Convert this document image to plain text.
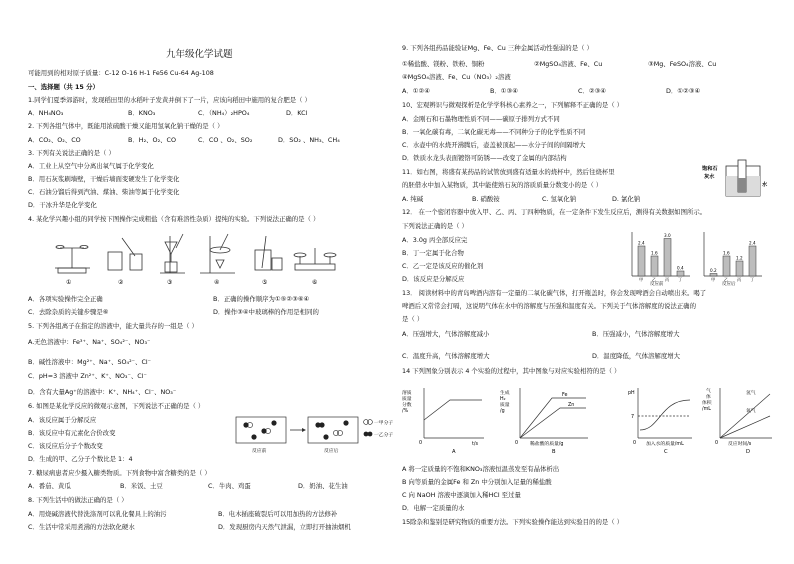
九年级化学试题
可能用到的相对原子质量：C-12 O-16 H-1 Fe56 Cu-64 Ag-108
一、选择题（共 15 分）
1.同学们夏季郊游时，发现稻田里的水稻叶子发黄并倒下了一片，应该向稻田中施用的复合肥是（ ）
A．NH₄NO₃	B．KNO₃	C．（NH₄）₂HPO₄	D．KCl
2. 下列各组气体中，既能用浓硫酸干燥又能用氢氧化钠干燥的是（ ）
A．CO₂、O₂、CO	B．H₂、O₂、CO	C．CO 、O₂、SO₂	D．SO₂ 、NH₃、CH₄
3. 下列有关说法正确的是（ ）
A．工业上从空气中分离出氧气属于化学变化
B．用石灰浆刷墙壁，干燥后墙面变硬发生了化学变化
C．石油分馏后得到汽油、煤油、柴油等属于化学变化
D．干冰升华是化学变化
4. 某化学兴趣小组的同学按下图操作完成粗盐（含有难溶性杂质）提纯的实验。下列说法正确的是（ ）
①	②	③	④	⑤	⑥
A．各项实验操作完全正确	B．正确的操作顺序为①⑤②③⑥④
C．去除杂质的关键步骤是⑥	D．操作③④中玻璃棒的作用是相同的
5. 下列各组离子在指定的溶液中，能大量共存的一组是（ ）
A.无色溶液中：Fe³⁺、Na⁺、SO₄²⁻、NO₃⁻
B．碱性溶液中：Mg²⁺、Na⁺、SO₄²⁻、Cl⁻
C．pH=3 溶液中 Zn²⁺、K⁺、NO₃⁻、Cl⁻
D．含有大量Ag⁺的溶液中：K⁺、NH₄⁺、Cl⁻、NO₃⁻
6. 如图是某化学反应的微观示意图，下列说法不正确的是（ ）
A．该反应属于分解反应
B．该反应中有元素化合价改变
C．该反应后分子个数改变
D．生成的甲、乙分子个数比是 1：4
一甲分子
一乙分子
反应前	反应后
7. 糖尿病患者应少摄入糖类物质。下列食物中富含糖类的是（ ）
A．番茄、黄瓜	B．米饭、土豆	C．牛肉、鸡蛋	D．奶油、花生油
8. 下列生活中的做法正确的是（ ）
A．用烧碱溶液代替洗涤剂可以乳化餐具上的油污	B．电木插座破裂后可以用加热的方法修补
C．生活中常采用煮沸的方法软化硬水	D．发现厨房内天然气泄漏，立即打开抽油烟机
9. 下列各组药品能验证Mg、Fe、Cu 三种金属活动性强弱的是（ ）
①稀盐酸、镁粉、铁粉、铜粉	②MgSO₄溶液、Fe、Cu	③Mg、FeSO₄溶液、Cu
④MgSO₄溶液、Fe、Cu（NO₃）₂溶液
A．①②④	B．①③④	C．②③④	D．①②③④
10、宏观辨识与微观探析是化学学科核心素养之一，下列解释不正确的是（ ）
A．金刚石和石墨物理性质不同——碳原子排列方式不同
B．一氧化碳有毒，二氧化碳无毒——不同种分子的化学性质不同
C．水壶中的水烧开沸腾后，壶盖被顶起——水分子间的间隔增大
D．铁质水龙头表面镀铬可防锈——改变了金属的内部结构
11．如右图，将盛有某药品的试管放到盛有适量水的烧杯中，然后往烧杯里
的胚借水中加入某物质，其中能使熟石灰的溶质质量分数变小的是（ ）
A. 纯碱	B. 硝酸铵	C. 氢氧化钠	D. 氯化钠
饱和石
灰水
水
12． 在一个密闭容器中放入甲、乙、丙、丁四种物质，在一定条件下发生反应后，测得有关数据如图所示。
下列说法正确的是（ ）
A．3.0g 丙全部反应完
B．丁一定属于化合物
C．乙一定是该反应的催化剂
D．该反应是分解反应
2.4
甲
1.6
乙
3.0
丙
0.4
丁
0.2
甲
1.6
乙
1.2
丙
2.4
丁
反应前	反应后
13． 阅读材料中的青岛啤酒内溶有一定量的二氧化碳气体，打开瓶盖时，你会发现啤酒会自动喷出来。喝了
啤酒后又常常会打嗝，这说明气体在水中的溶解度与压强和温度有关。下列关于气体溶解度的说法正确的
是（ ）
A．压强增大，气体溶解度减小	B．压强减小，气体溶解度增大
C．温度升高，气体溶解度增大	D．温度降低，气体溶解度增大
14 下列图象分别表示 4 个实验的过程中，其中图象与对应实验相符的是（ ）
溶质
质量
分数
/%
t/s
0
生成
H₂
质量
/g
Fe
Zn
稀盐酸的质量/g
0
pH
7
加入水的质量/mL
0
气
体
体积
/mL
氢气
氧气
反应时间/s
0
A	B	C	D
A 将一定质量的不饱和KNO₃溶液恒温蒸发至有晶体析出
B 向等质量的金属Fe 和 Zn 中分别加入足量的稀盐酸
C 向 NaOH 溶液中逐滴加入稀HCl 至过量
D．电解一定质量的水
15除杂和鉴别是研究物质的重要方法。下列实验操作能达到实验目的的是（ ）
